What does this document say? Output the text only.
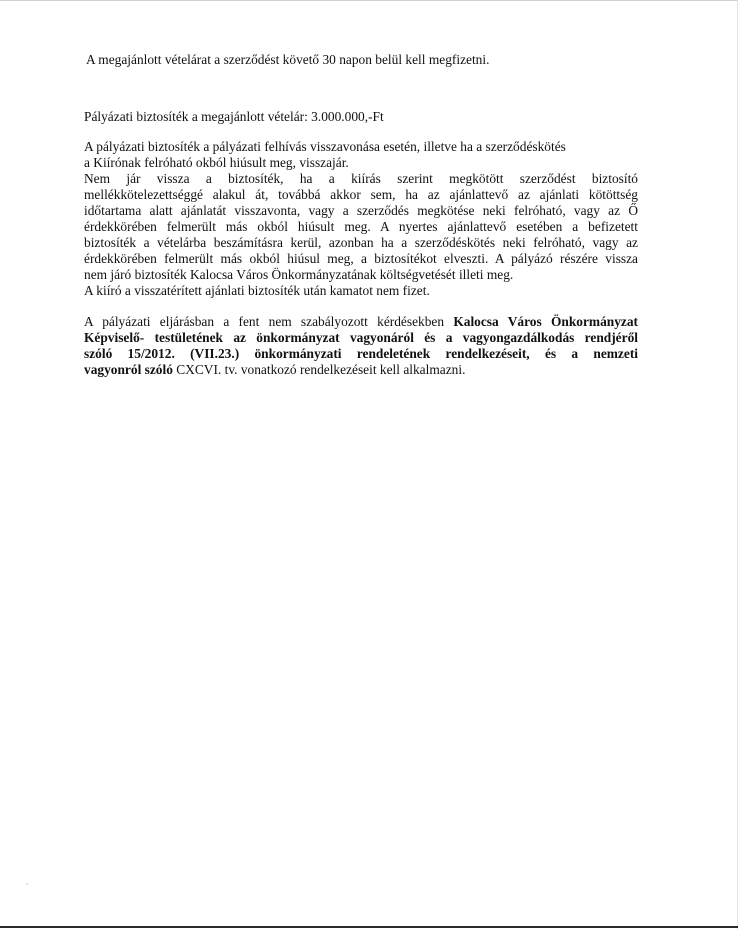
A megajánlott vételárat a szerződést követő 30 napon belül kell megfizetni.
Pályázati biztosíték a megajánlott vételár: 3.000.000,-Ft
A pályázati biztosíték a pályázati felhívás visszavonása esetén, illetve ha a szerződéskötés
a Kiírónak felróható okból hiúsult meg, visszajár.
Nem jár vissza a biztosíték, ha a kiírás szerint megkötött szerződést biztosító
mellékkötelezettséggé alakul át, továbbá akkor sem, ha az ajánlattevő az ajánlati kötöttség
időtartama alatt ajánlatát visszavonta, vagy a szerződés megkötése neki felróható, vagy az Ő
érdekkörében felmerült más okból hiúsult meg. A nyertes ajánlattevő esetében a befizetett
biztosíték a vételárba beszámításra kerül, azonban ha a szerződéskötés neki felróható, vagy az
érdekkörében felmerült más okból hiúsul meg, a biztosítékot elveszti. A pályázó részére vissza
nem járó biztosíték Kalocsa Város Önkormányzatának költségvetését illeti meg.
A kiíró a visszatérített ajánlati biztosíték után kamatot nem fizet.
A pályázati eljárásban a fent nem szabályozott kérdésekben Kalocsa Város Önkormányzat
Képviselő- testületének az önkormányzat vagyonáról és a vagyongazdálkodás rendjéről
szóló 15/2012. (VII.23.) önkormányzati rendeletének rendelkezéseit, és a nemzeti
vagyonról szóló CXCVI. tv. vonatkozó rendelkezéseit kell alkalmazni.
